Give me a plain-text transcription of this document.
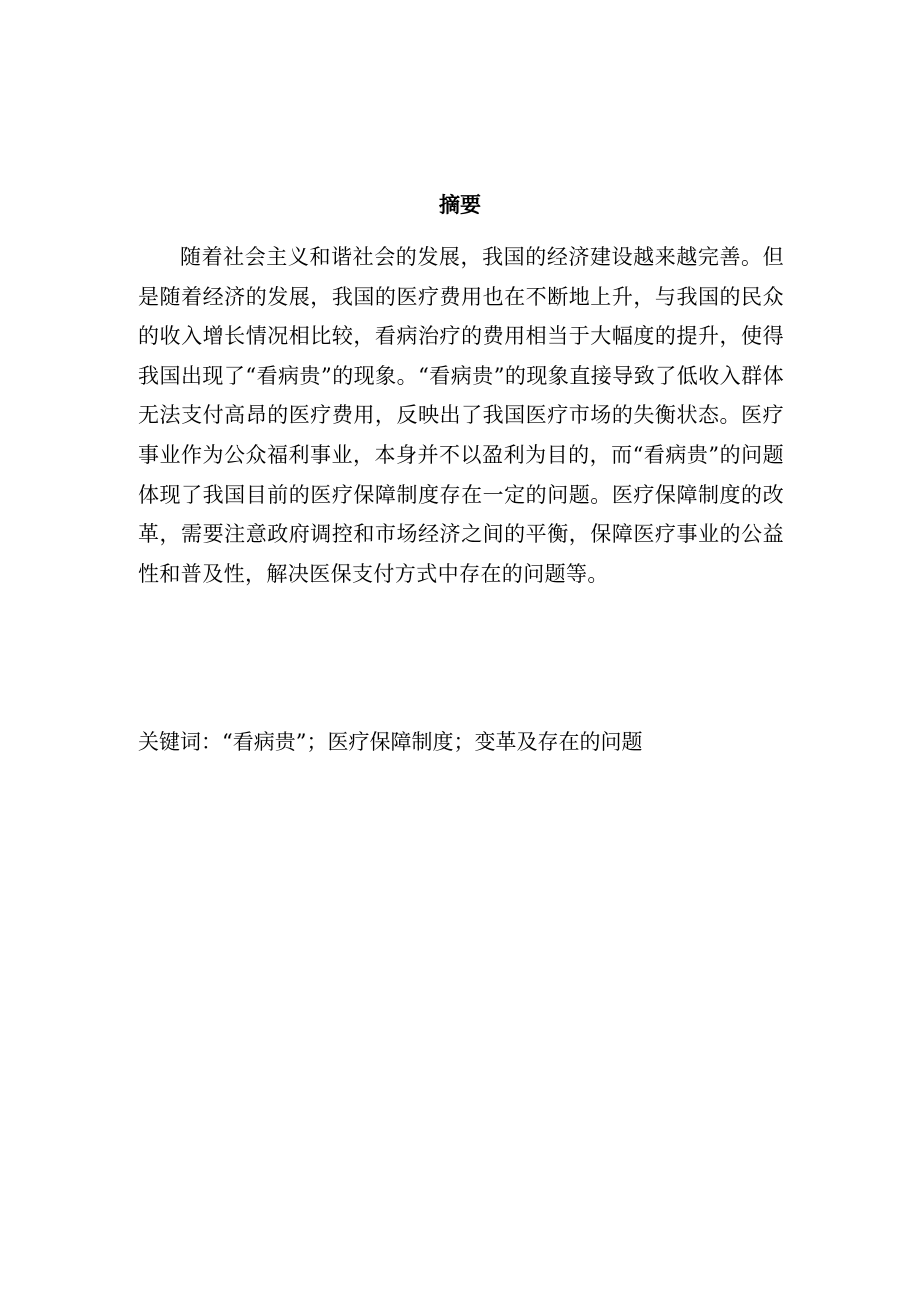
摘要

随着社会主义和谐社会的发展，我国的经济建设越来越完善。但是随着经济的发展，我国的医疗费用也在不断地上升，与我国的民众的收入增长情况相比较，看病治疗的费用相当于大幅度的提升，使得我国出现了“看病贵”的现象。“看病贵”的现象直接导致了低收入群体无法支付高昂的医疗费用，反映出了我国医疗市场的失衡状态。医疗事业作为公众福利事业，本身并不以盈利为目的，而“看病贵”的问题体现了我国目前的医疗保障制度存在一定的问题。医疗保障制度的改革，需要注意政府调控和市场经济之间的平衡，保障医疗事业的公益性和普及性，解决医保支付方式中存在的问题等。

关键词：“看病贵”；医疗保障制度；变革及存在的问题
